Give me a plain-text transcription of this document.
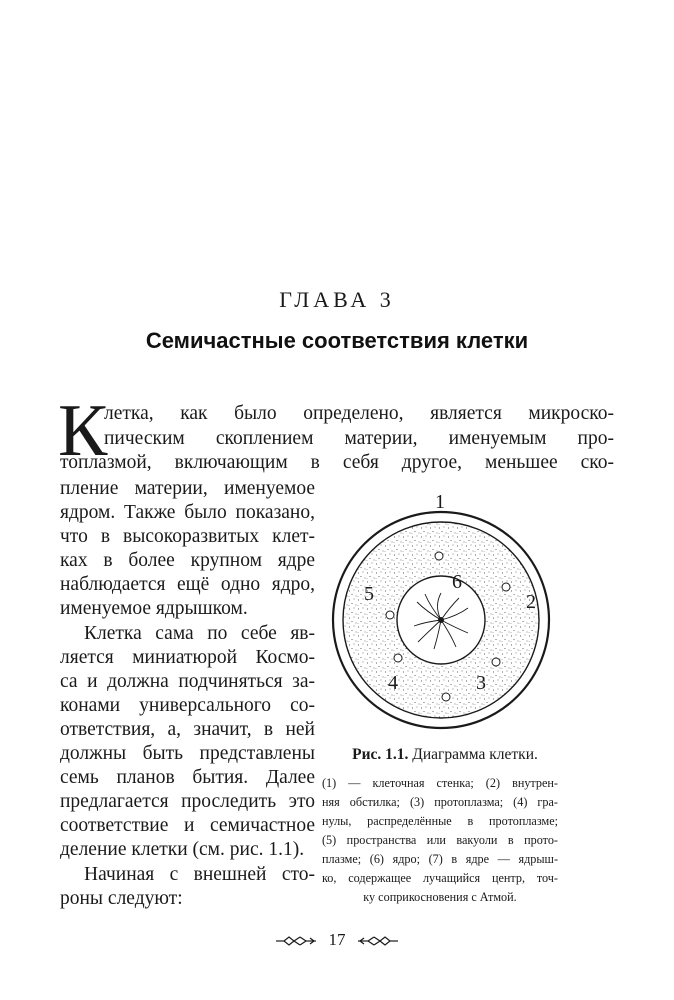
ГЛАВА 3
Семичастные соответствия клетки
К
летка, как было определено, является микроско-
пическим скоплением материи, именуемым про-
топлазмой, включающим в себя другое, меньшее ско-
пление материи, именуемое
ядром. Также было показано,
что в высокоразвитых клет-
ках в более крупном ядре
наблюдается ещё одно ядро,
именуемое ядрышком.
Клетка сама по себе яв-
ляется миниатюрой Космо-
са и должна подчиняться за-
конами универсального со-
ответствия, а, значит, в ней
должны быть представлены
семь планов бытия. Далее
предлагается проследить это
соответствие и семичастное
деление клетки (см. рис. 1.1).
Начиная с внешней сто-
роны следуют:
1
2
3
4
5
6
Рис. 1.1. Диаграмма клетки.
(1) — клеточная стенка; (2) внутрен-
няя обстилка; (3) протоплазма; (4) гра-
нулы, распределённые в протоплазме;
(5) пространства или вакуоли в прото-
плазме; (6) ядро; (7) в ядре — ядрыш-
ко, содержащее лучащийся центр, точ-
ку соприкосновения с Атмой.
17
